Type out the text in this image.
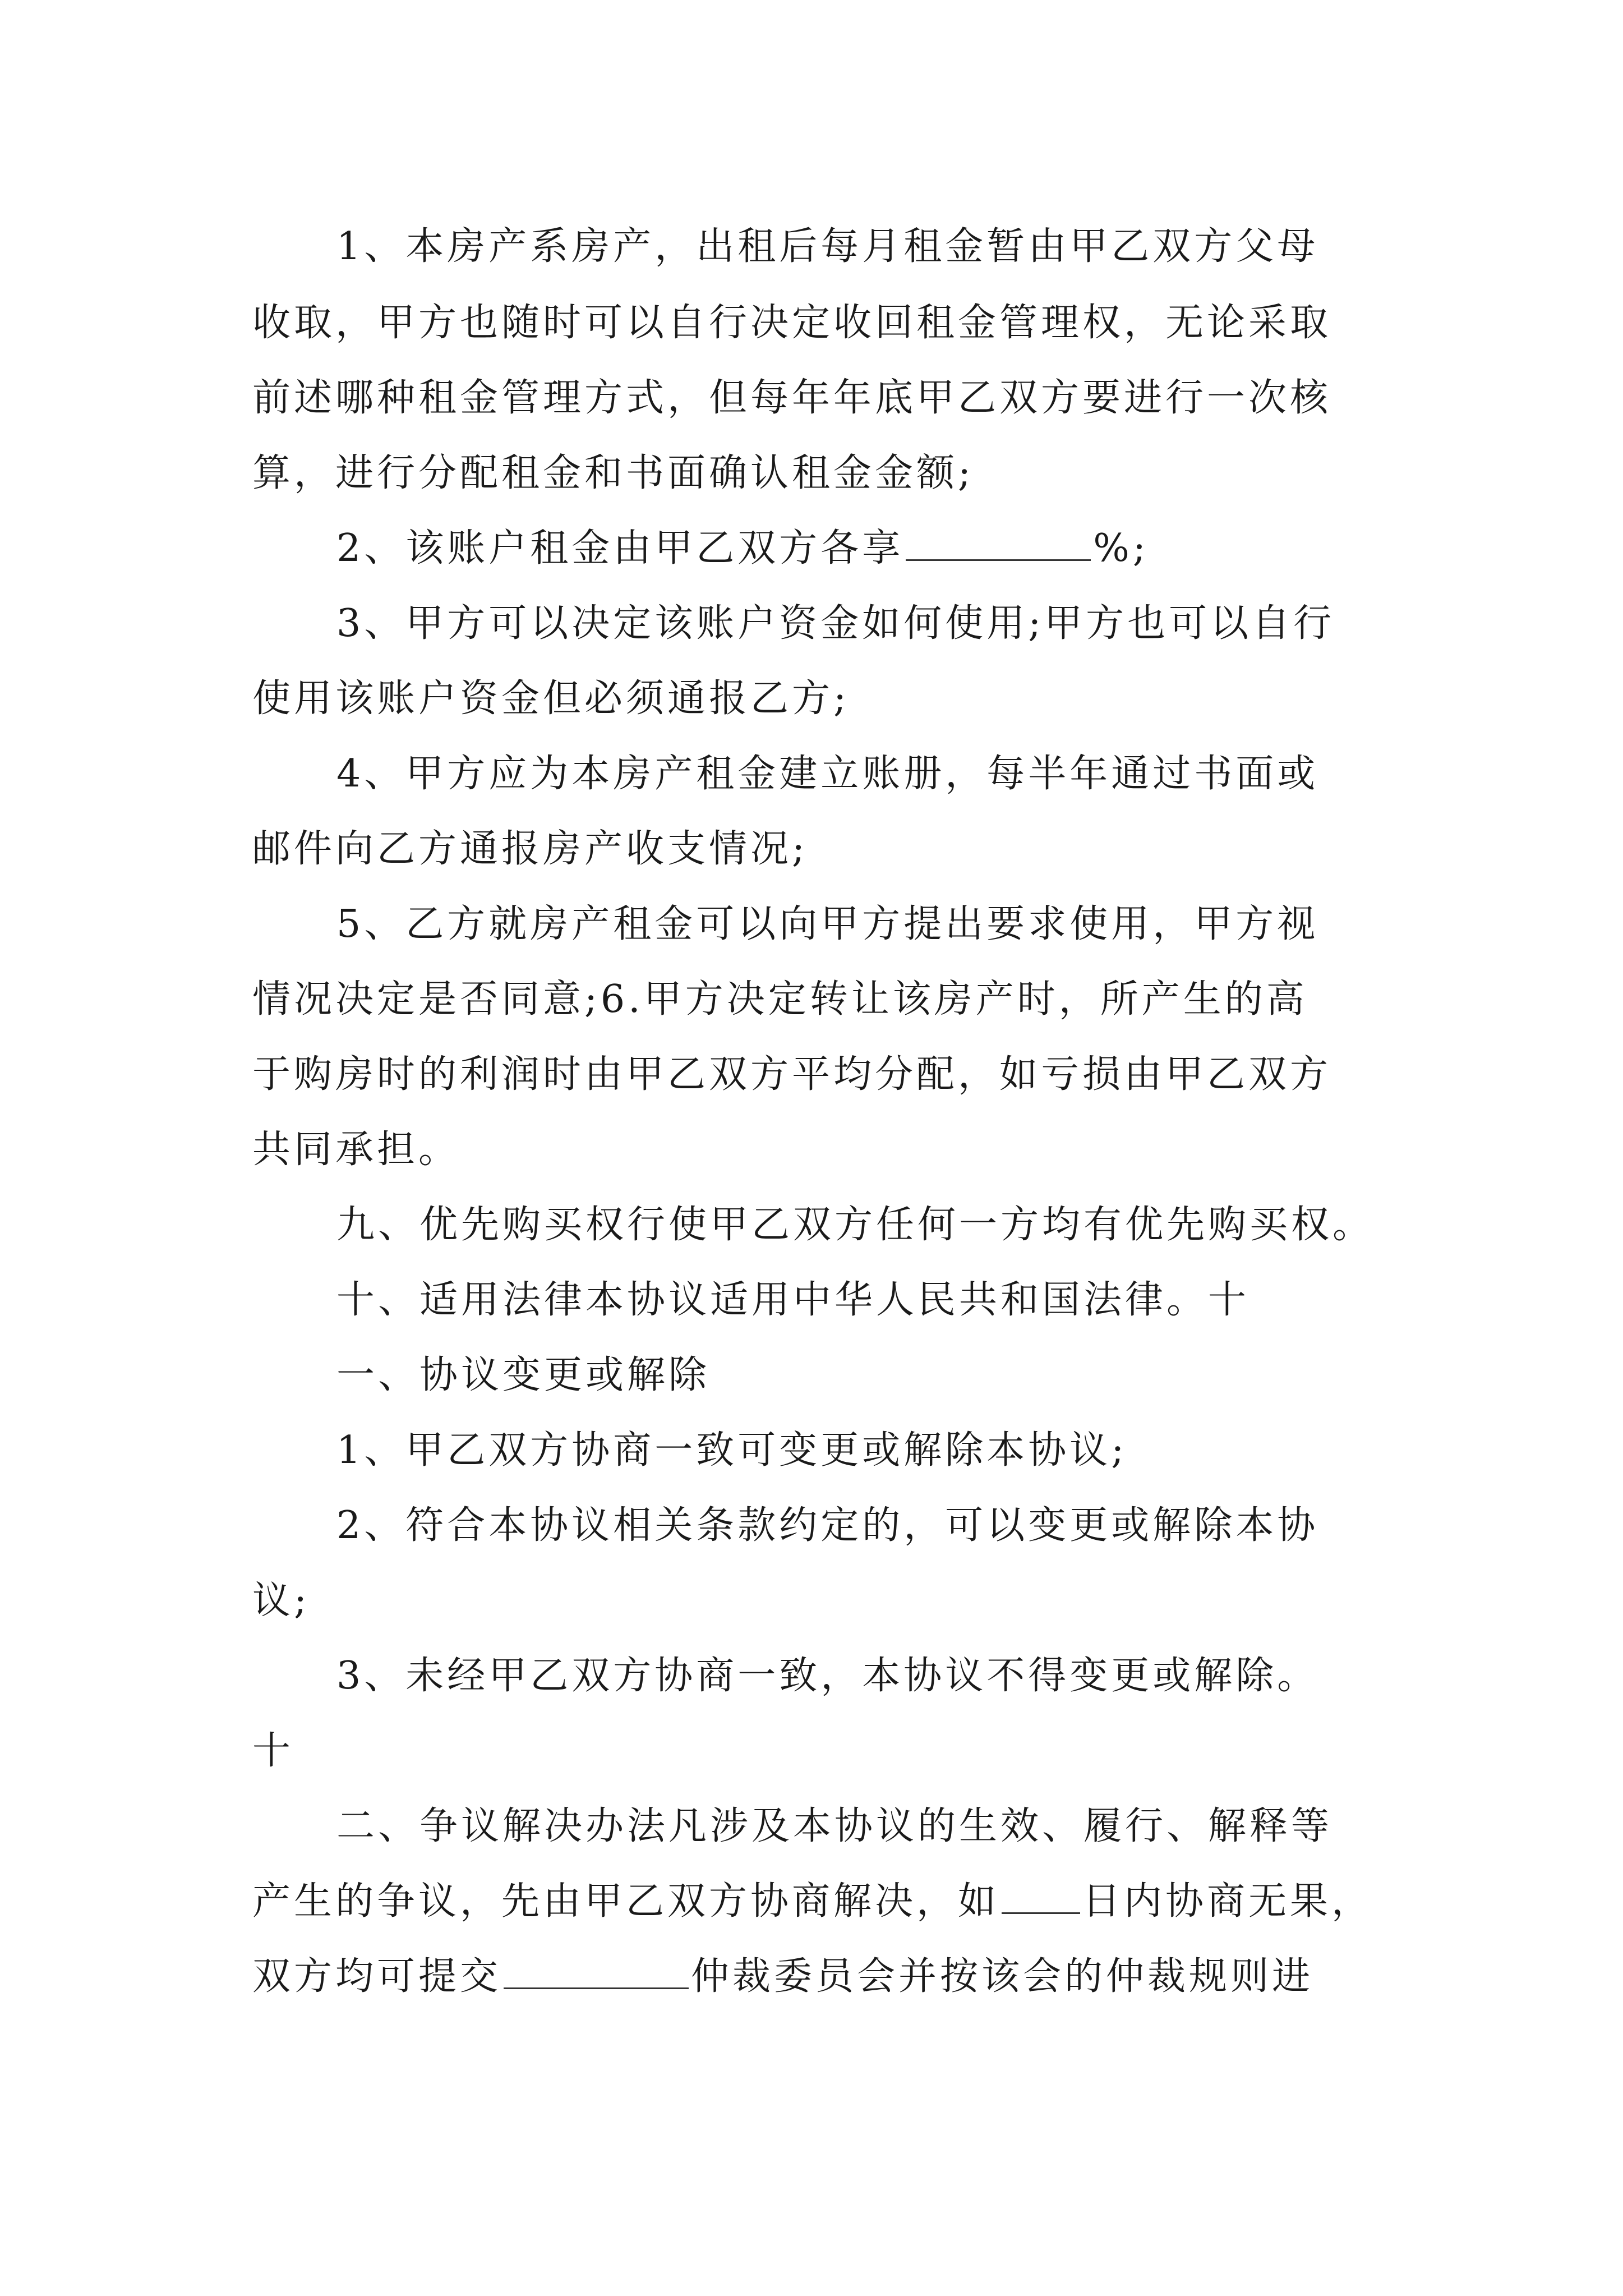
1、本房产系房产，出租后每月租金暂由甲乙双方父母
收取，甲方也随时可以自行决定收回租金管理权，无论采取
前述哪种租金管理方式，但每年年底甲乙双方要进行一次核
算，进行分配租金和书面确认租金金额;
2、该账户租金由甲乙双方各享	%;
3、甲方可以决定该账户资金如何使用;甲方也可以自行
使用该账户资金但必须通报乙方;
4、甲方应为本房产租金建立账册，每半年通过书面或
邮件向乙方通报房产收支情况;
5、乙方就房产租金可以向甲方提出要求使用，甲方视
情况决定是否同意;6.甲方决定转让该房产时，所产生的高
于购房时的利润时由甲乙双方平均分配，如亏损由甲乙双方
共同承担。
九、优先购买权行使甲乙双方任何一方均有优先购买权。
十、适用法律本协议适用中华人民共和国法律。十
一、协议变更或解除
1、甲乙双方协商一致可变更或解除本协议;
2、符合本协议相关条款约定的，可以变更或解除本协
议;
3、未经甲乙双方协商一致，本协议不得变更或解除。
十
二、争议解决办法凡涉及本协议的生效、履行、解释等
产生的争议，先由甲乙双方协商解决，如 日内协商无果，
双方均可提交	仲裁委员会并按该会的仲裁规则进
